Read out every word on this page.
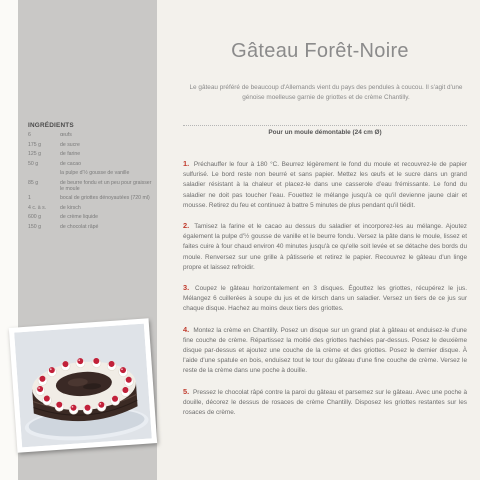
INGRÉDIENTS
6	œufs
175 g	de sucre
125 g	de farine
50 g	de cacao
la pulpe d'½ gousse de vanille
85 g	de beurre fondu et un peu pour graisser le moule
1	bocal de griottes dénoyautées (720 ml)
4 c. à s.	de kirsch
600 g	de crème liquide
150 g	de chocolat râpé
Gâteau Forêt-Noire
Le gâteau préféré de beaucoup d'Allemands vient du pays des pendules à coucou. Il s'agit d'une génoise moelleuse garnie de griottes et de crème Chantilly.
Pour un moule démontable (24 cm Ø)

1. Préchauffer le four à 180 °C. Beurrez légèrement le fond du moule et recouvrez-le de papier sulfurisé. Le bord reste non beurré et sans papier. Mettez les œufs et le sucre dans un grand saladier résistant à la chaleur et placez-le dans une casserole d'eau frémissante. Le fond du saladier ne doit pas toucher l'eau. Fouettez le mélange jusqu'à ce qu'il devienne jaune clair et mousse. Retirez du feu et continuez à battre 5 minutes de plus pendant qu'il tiédit.

2. Tamisez la farine et le cacao au dessus du saladier et incorporez-les au mélange. Ajoutez également la pulpe d'½ gousse de vanille et le beurre fondu. Versez la pâte dans le moule, lissez et faites cuire à four chaud environ 40 minutes jusqu'à ce qu'elle soit levée et se détache des bords du moule. Renversez sur une grille à pâtisserie et retirez le papier. Recouvrez le gâteau d'un linge propre et laissez refroidir.

3. Coupez le gâteau horizontalement en 3 disques. Égouttez les griottes, récupérez le jus. Mélangez 6 cuillerées à soupe du jus et de kirsch dans un saladier. Versez un tiers de ce jus sur chaque disque. Hachez au moins deux tiers des griottes.

4. Montez la crème en Chantilly. Posez un disque sur un grand plat à gâteau et enduisez-le d'une fine couche de crème. Répartissez la moitié des griottes hachées par-dessus. Posez le deuxième disque par-dessus et ajoutez une couche de la crème et des griottes. Posez le dernier disque. À l'aide d'une spatule en bois, enduisez tout le tour du gâteau d'une fine couche de crème. Versez le reste de la crème dans une poche à douille.

5. Pressez le chocolat râpé contre la paroi du gâteau et parsemez sur le gâteau. Avec une poche à douille, décorez le dessus de rosaces de crème Chantilly. Disposez les griottes restantes sur les rosaces de crème.
